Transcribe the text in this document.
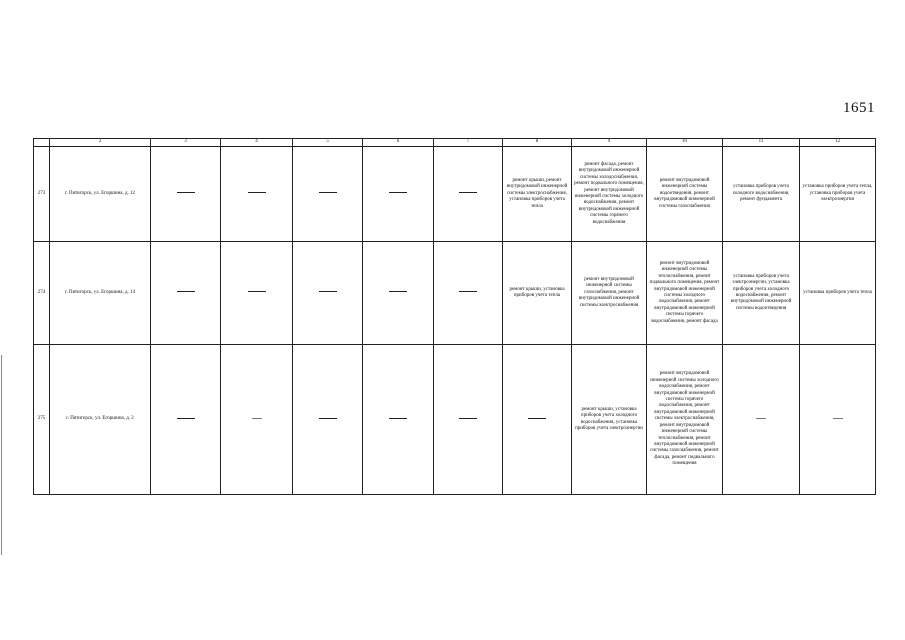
1651
	2	3	4	5	6	7	8	9	10	11	12
273	г. Пятигорск, ул. Егоршина, д. 12						ремонт крыши, ремонт внутридомовой инженерной системы электроснабжения, установка приборов учета тепла	ремонт фасада, ремонт внутридомовой инженерной системы холодоснабжения, ремонт подвального помещения, ремонт внутридомовой инженерной системы холодного водоснабжения, ремонт внутридомовой инженерной системы горячего водоснабжения	ремонт внутридомовой инженерной системы водоотведения, ремонт внутридомовой инженерной системы газоснабжения	установка приборов учета холодного водоснабжения, ремонт фундамента	установка приборов учета тепла, установка приборов учета электроэнергии
274	г. Пятигорск, ул. Егоршина, д. 14						ремонт крыши, установка приборов учета тепла	ремонт внутридомовой инженерной системы газоснабжения, ремонт внутридомовой инженерной системы электроснабжения	ремонт внутридомовой инженерной системы теплоснабжения, ремонт подвального помещения, ремонт внутридомовой инженерной системы холодного водоснабжения, ремонт внутридомовой инженерной системы горячего водоснабжения, ремонт фасада	установка приборов учета электроэнергии, установка приборов учета холодного водоснабжения, ремонт внутридомовой инженерной системы водоотведения	установка приборов учета тепла
275	г. Пятигорск, ул. Егоршина, д. 2							ремонт крыши, установка приборов учета холодного водоснабжения, установка приборов учета электроэнергии	ремонт внутридомовой инженерной системы холодного водоснабжения, ремонт внутридомовой инженерной системы горячего водоснабжения, ремонт внутридомовой инженерной системы электроснабжения, ремонт внутридомовой инженерной системы теплоснабжения, ремонт внутридомовой инженерной системы газоснабжения, ремонт фасада, ремонт подвального помещения		
